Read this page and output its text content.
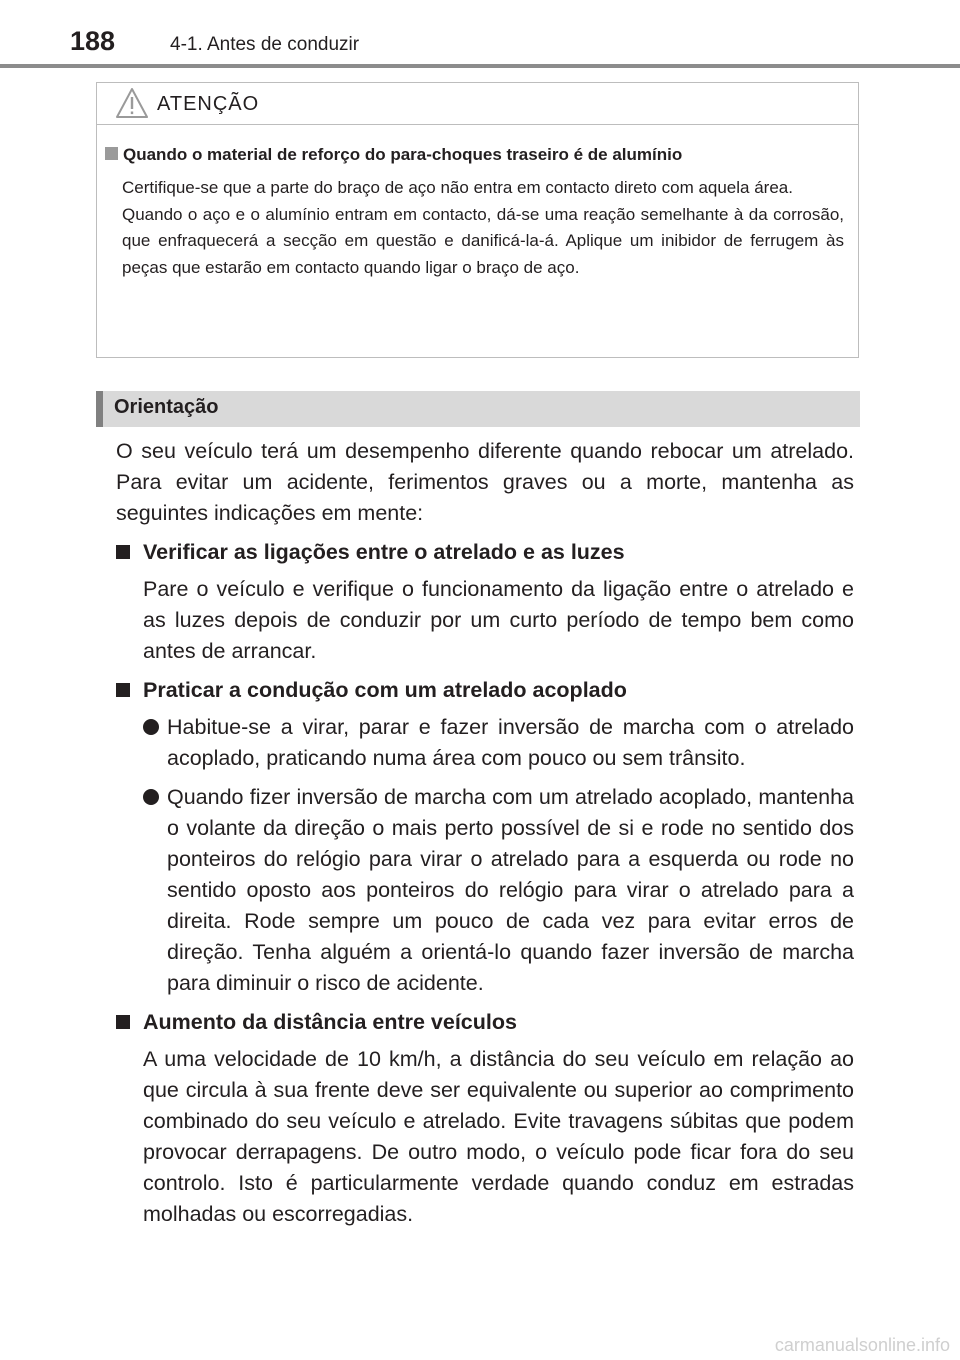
188	4-1. Antes de conduzir
ATENÇÃO
Quando o material de reforço do para-choques traseiro é de alumínio

Certifique-se que a parte do braço de aço não entra em contacto direto com aquela área.

Quando o aço e o alumínio entram em contacto, dá-se uma reação semelhante à da corrosão, que enfraquecerá a secção em questão e danificá-la-á. Aplique um inibidor de ferrugem às peças que estarão em contacto quando ligar o braço de aço.

Orientação

O seu veículo terá um desempenho diferente quando rebocar um atrelado. Para evitar um acidente, ferimentos graves ou a morte, mantenha as seguintes indicações em mente:

Verificar as ligações entre o atrelado e as luzes

Pare o veículo e verifique o funcionamento da ligação entre o atrelado e as luzes depois de conduzir por um curto período de tempo bem como antes de arrancar.

Praticar a condução com um atrelado acoplado

Habitue-se a virar, parar e fazer inversão de marcha com o atrelado acoplado, praticando numa área com pouco ou sem trânsito.

Quando fizer inversão de marcha com um atrelado acoplado, mantenha o volante da direção o mais perto possível de si e rode no sentido dos ponteiros do relógio para virar o atrelado para a esquerda ou rode no sentido oposto aos ponteiros do relógio para virar o atrelado para a direita. Rode sempre um pouco de cada vez para evitar erros de direção. Tenha alguém a orientá-lo quando fazer inversão de marcha para diminuir o risco de acidente.

Aumento da distância entre veículos

A uma velocidade de 10 km/h, a distância do seu veículo em relação ao que circula à sua frente deve ser equivalente ou superior ao comprimento combinado do seu veículo e atrelado. Evite travagens súbitas que podem provocar derrapagens. De outro modo, o veículo pode ficar fora do seu controlo. Isto é particularmente verdade quando conduz em estradas molhadas ou escorregadias.

carmanualsonline.info
